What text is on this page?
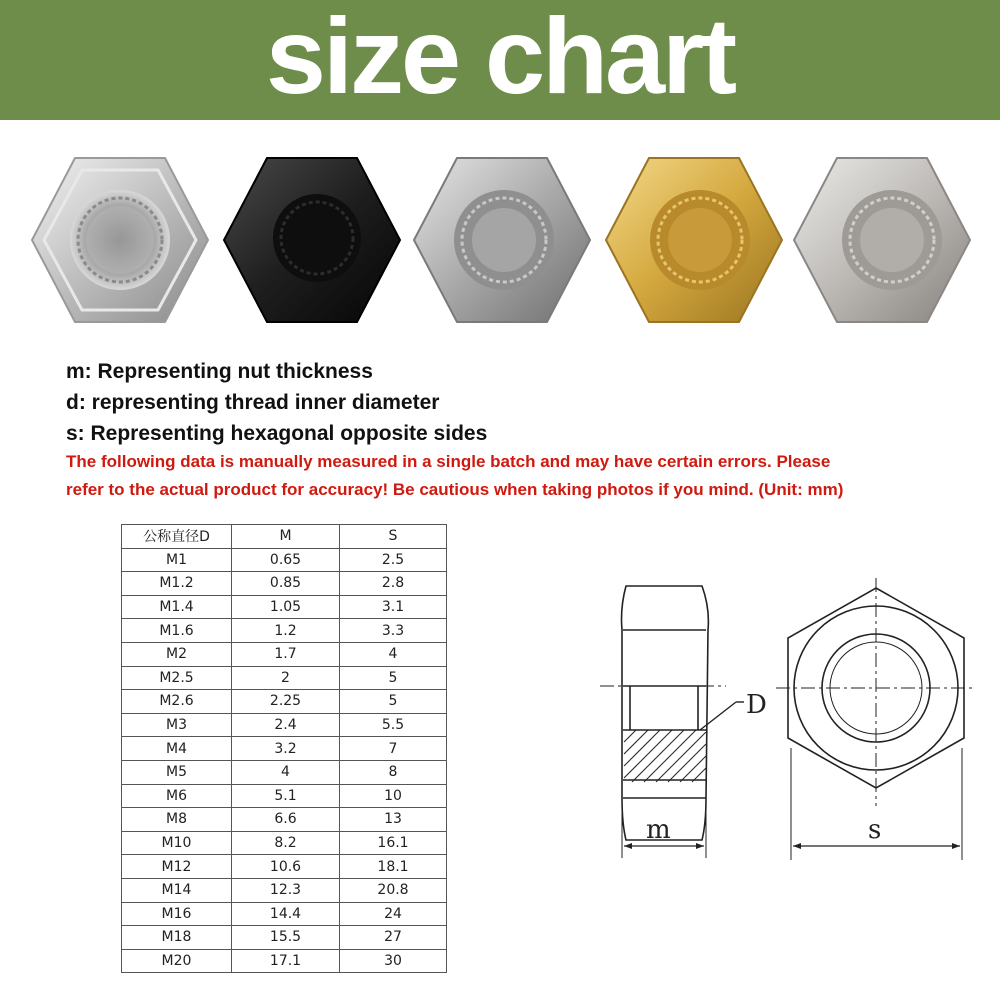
size chart
m: Representing nut thickness
d: representing thread inner diameter
s: Representing hexagonal opposite sides
The following data is manually measured in a single batch and may have certain errors. Please
refer to the actual product for accuracy! Be cautious when taking photos if you mind. (Unit: mm)
公称直径D	M	S
M1	0.65	2.5
M1.2	0.85	2.8
M1.4	1.05	3.1
M1.6	1.2	3.3
M2	1.7	4
M2.5	2	5
M2.6	2.25	5
M3	2.4	5.5
M4	3.2	7
M5	4	8
M6	5.1	10
M8	6.6	13
M10	8.2	16.1
M12	10.6	18.1
M14	12.3	20.8
M16	14.4	24
M18	15.5	27
M20	17.1	30
D
m	s
